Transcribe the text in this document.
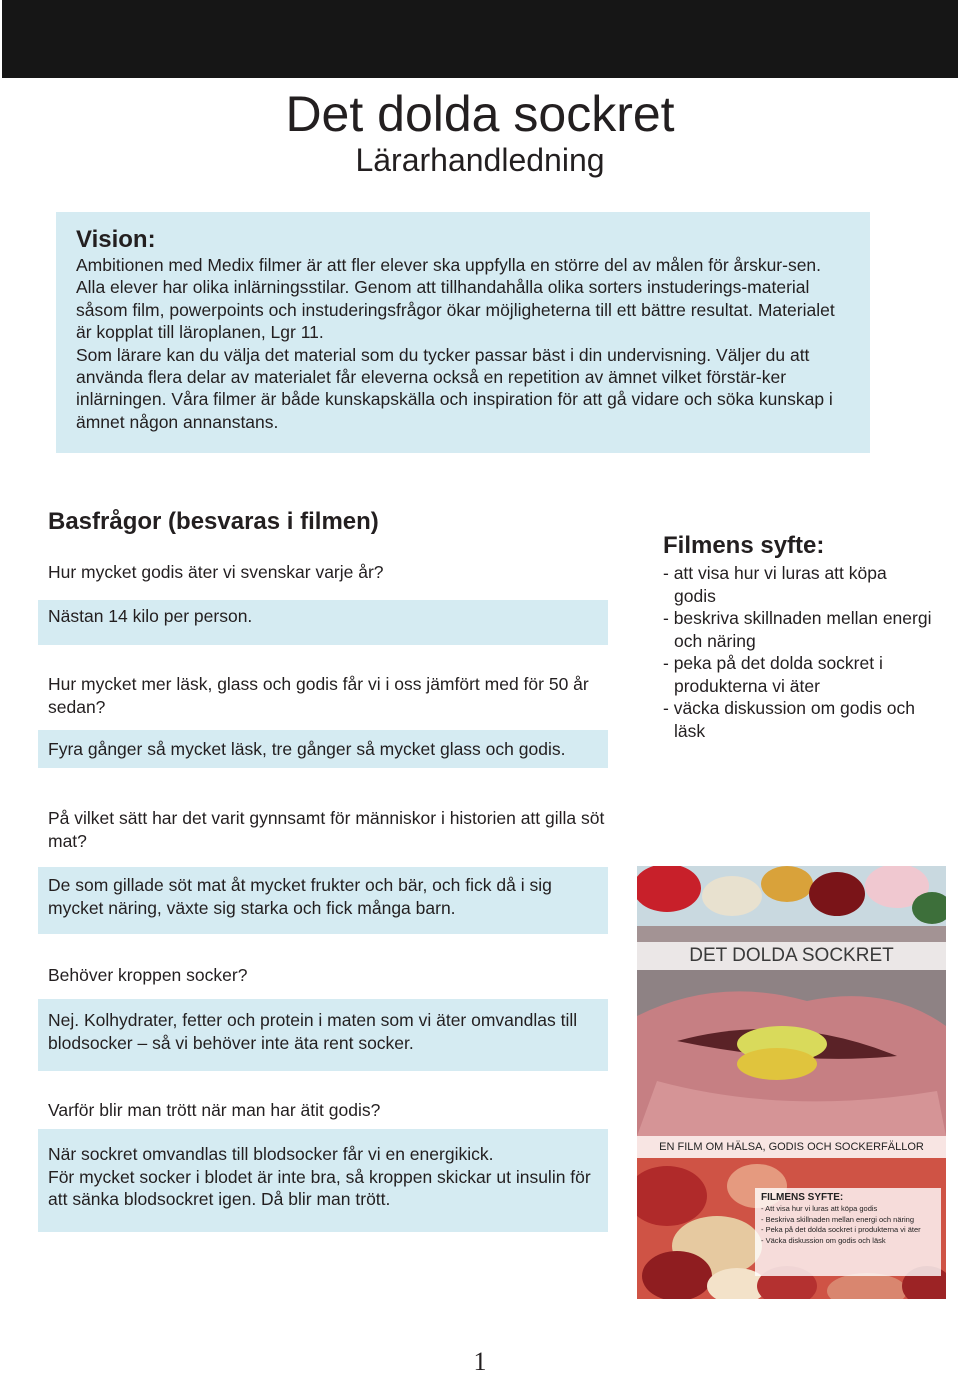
Det dolda sockret
Lärarhandledning
Vision:

Ambitionen med Medix filmer är att fler elever ska uppfylla en större del av målen för årskur-sen. Alla elever har olika inlärningsstilar. Genom att tillhandahålla olika sorters instuderings-material såsom film, powerpoints och instuderingsfrågor ökar möjligheterna till ett bättre resultat. Materialet är kopplat till läroplanen, Lgr 11.
Som lärare kan du välja det material som du tycker passar bäst i din undervisning. Väljer du att använda flera delar av materialet får eleverna också en repetition av ämnet vilket förstär-ker inlärningen. Våra filmer är både kunskapskälla och inspiration för att gå vidare och söka kunskap i ämnet någon annanstans.

Basfrågor (besvaras i filmen)

Hur mycket godis äter vi svenskar varje år?

Nästan 14 kilo per person.

Hur mycket mer läsk, glass och godis får vi i oss jämfört med för 50 år sedan?

Fyra gånger så mycket läsk, tre gånger så mycket glass och godis.

På vilket sätt har det varit gynnsamt för människor i historien att gilla söt mat?

De som gillade söt mat åt mycket frukter och bär, och fick då i sig mycket näring, växte sig starka och fick många barn.

Behöver kroppen socker?

Nej. Kolhydrater, fetter och protein i maten som vi äter omvandlas till blodsocker – så vi behöver inte äta rent socker.

Varför blir man trött när man har ätit godis?

När sockret omvandlas till blodsocker får vi en energikick.
För mycket socker i blodet är inte bra, så kroppen skickar ut insulin för att sänka blodsockret igen. Då blir man trött.

Filmens syfte:
- att visa hur vi luras att köpa godis
- beskriva skillnaden mellan energi och näring
- peka på det dolda sockret i produkterna vi äter
- väcka diskussion om godis och läsk
DET DOLDA SOCKRET
EN FILM OM HÄLSA, GODIS OCH SOCKERFÄLLOR
FILMENS SYFTE:
- Att visa hur vi luras att köpa godis
- Beskriva skillnaden mellan energi och näring
- Peka på det dolda sockret i produkterna vi äter
- Väcka diskussion om godis och läsk
1
